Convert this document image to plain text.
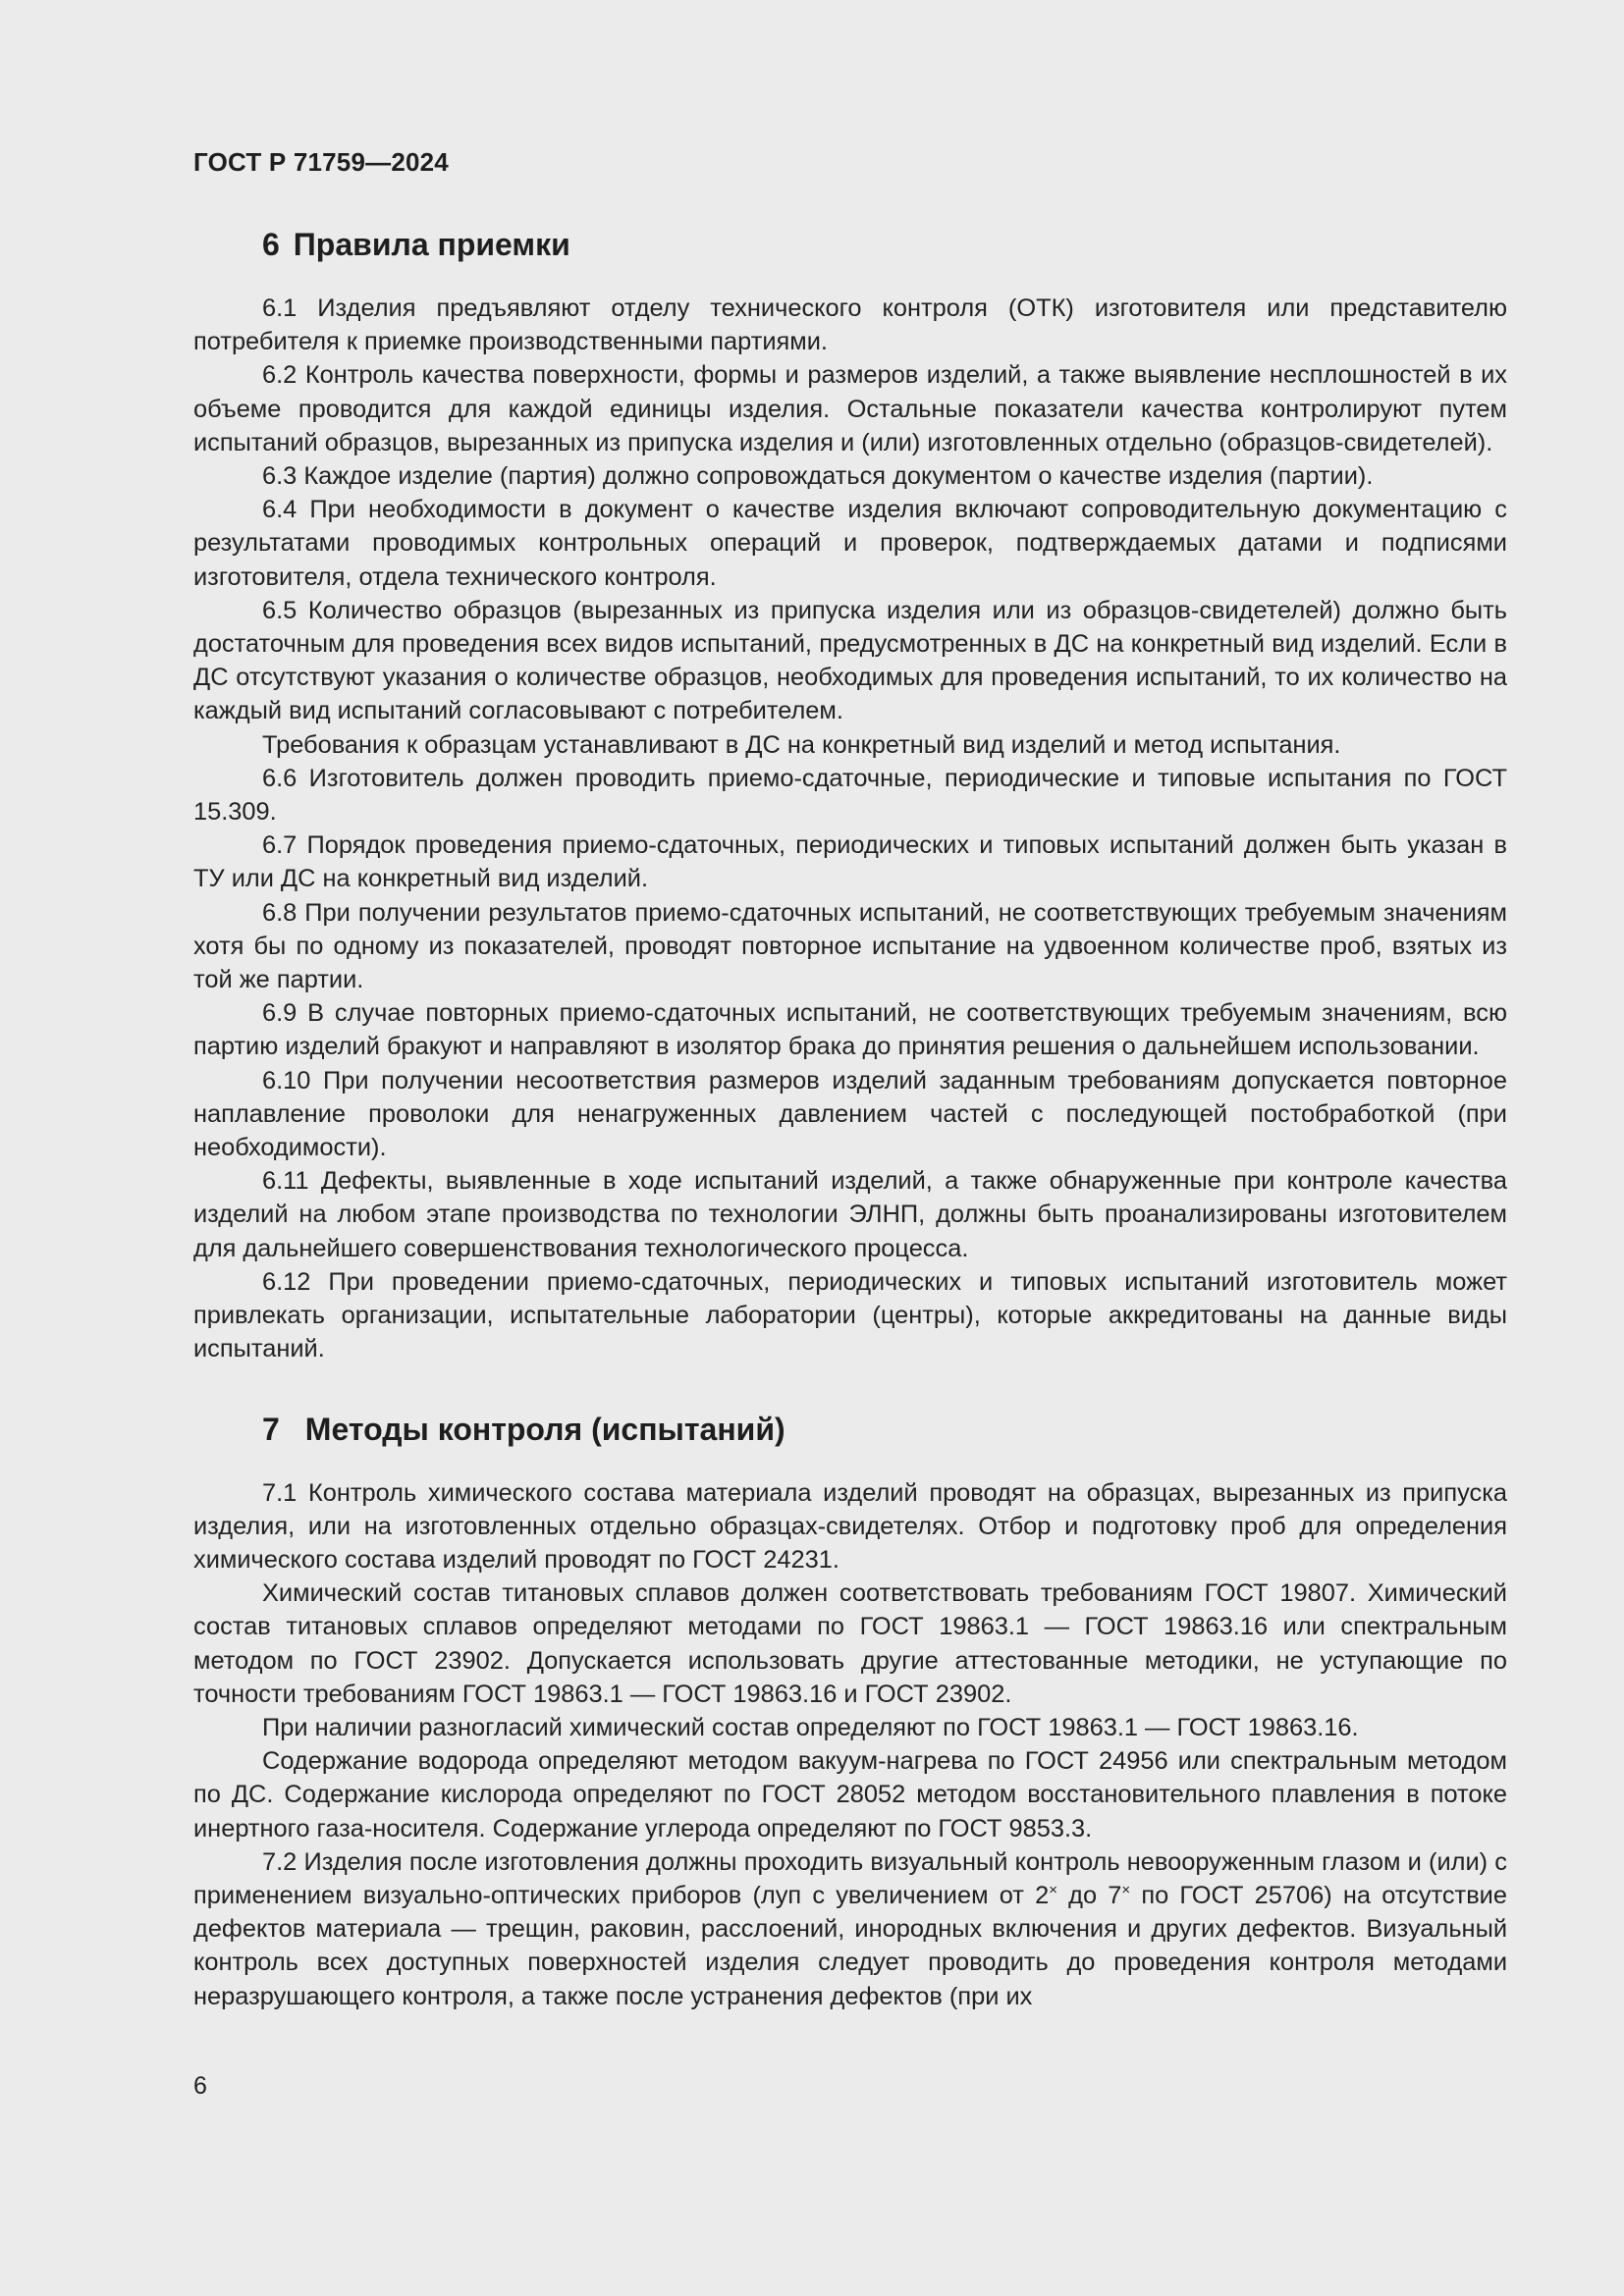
ГОСТ Р 71759—2024
6 Правила приемки

6.1 Изделия предъявляют отделу технического контроля (ОТК) изготовителя или представителю потребителя к приемке производственными партиями.

6.2 Контроль качества поверхности, формы и размеров изделий, а также выявление несплошностей в их объеме проводится для каждой единицы изделия. Остальные показатели качества контролируют путем испытаний образцов, вырезанных из припуска изделия и (или) изготовленных отдельно (образцов-свидетелей).

6.3 Каждое изделие (партия) должно сопровождаться документом о качестве изделия (партии).

6.4 При необходимости в документ о качестве изделия включают сопроводительную документацию с результатами проводимых контрольных операций и проверок, подтверждаемых датами и подписями изготовителя, отдела технического контроля.

6.5 Количество образцов (вырезанных из припуска изделия или из образцов-свидетелей) должно быть достаточным для проведения всех видов испытаний, предусмотренных в ДС на конкретный вид изделий. Если в ДС отсутствуют указания о количестве образцов, необходимых для проведения испытаний, то их количество на каждый вид испытаний согласовывают с потребителем.

Требования к образцам устанавливают в ДС на конкретный вид изделий и метод испытания.

6.6 Изготовитель должен проводить приемо-сдаточные, периодические и типовые испытания по ГОСТ 15.309.

6.7 Порядок проведения приемо-сдаточных, периодических и типовых испытаний должен быть указан в ТУ или ДС на конкретный вид изделий.

6.8 При получении результатов приемо-сдаточных испытаний, не соответствующих требуемым значениям хотя бы по одному из показателей, проводят повторное испытание на удвоенном количестве проб, взятых из той же партии.

6.9 В случае повторных приемо-сдаточных испытаний, не соответствующих требуемым значениям, всю партию изделий бракуют и направляют в изолятор брака до принятия решения о дальнейшем использовании.

6.10 При получении несоответствия размеров изделий заданным требованиям допускается повторное наплавление проволоки для ненагруженных давлением частей с последующей постобработкой (при необходимости).

6.11 Дефекты, выявленные в ходе испытаний изделий, а также обнаруженные при контроле качества изделий на любом этапе производства по технологии ЭЛНП, должны быть проанализированы изготовителем для дальнейшего совершенствования технологического процесса.

6.12 При проведении приемо-сдаточных, периодических и типовых испытаний изготовитель может привлекать организации, испытательные лаборатории (центры), которые аккредитованы на данные виды испытаний.

7 Методы контроля (испытаний)

7.1 Контроль химического состава материала изделий проводят на образцах, вырезанных из припуска изделия, или на изготовленных отдельно образцах-свидетелях. Отбор и подготовку проб для определения химического состава изделий проводят по ГОСТ 24231.

Химический состав титановых сплавов должен соответствовать требованиям ГОСТ 19807. Химический состав титановых сплавов определяют методами по ГОСТ 19863.1 — ГОСТ 19863.16 или спектральным методом по ГОСТ 23902. Допускается использовать другие аттестованные методики, не уступающие по точности требованиям ГОСТ 19863.1 — ГОСТ 19863.16 и ГОСТ 23902.

При наличии разногласий химический состав определяют по ГОСТ 19863.1 — ГОСТ 19863.16.

Содержание водорода определяют методом вакуум-нагрева по ГОСТ 24956 или спектральным методом по ДС. Содержание кислорода определяют по ГОСТ 28052 методом восстановительного плавления в потоке инертного газа-носителя. Содержание углерода определяют по ГОСТ 9853.3.

7.2 Изделия после изготовления должны проходить визуальный контроль невооруженным глазом и (или) с применением визуально-оптических приборов (луп с увеличением от 2× до 7× по ГОСТ 25706) на отсутствие дефектов материала — трещин, раковин, расслоений, инородных включения и других дефектов. Визуальный контроль всех доступных поверхностей изделия следует проводить до проведения контроля методами неразрушающего контроля, а также после устранения дефектов (при их

6
